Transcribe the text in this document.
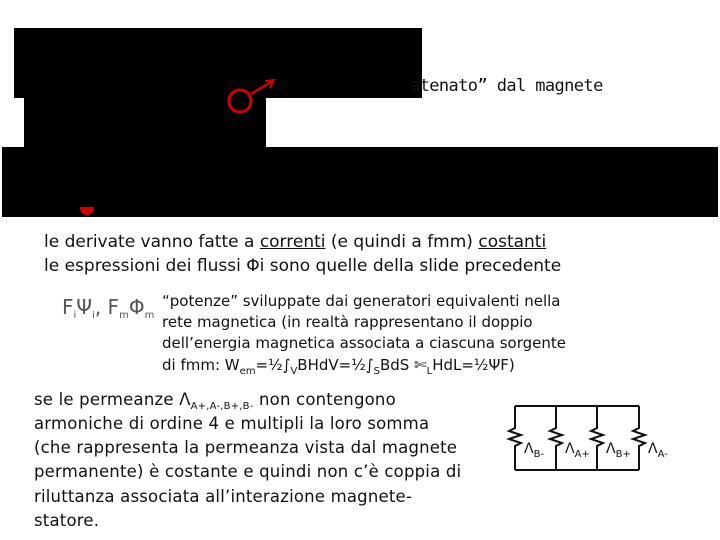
atenato” dal magnete
le derivate vanno fatte a correnti (e quindi a fmm) costanti
le espressioni dei flussi Φi sono quelle della slide precedente
$F_i\Psi_i$, $F_m\Phi_m$
“potenze” sviluppate dai generatori equivalenti nella
rete magnetica (in realtà rappresentano il doppio
dell’energia magnetica associata a ciascuna sorgente
di fmm: $W_{em}=\frac{1}{2}\int_VBHdV=\frac{1}{2}\int_SBdS$ $✄_LHdL=\frac{1}{2}\Psi F$)
se le permeanze $\Lambda_{A+,A-,B+,B-}$ non contengono
armoniche di ordine 4 e multipli la loro somma
(che rappresenta la permeanza vista dal magnete
permanente) è costante e quindi non c’è coppia di
riluttanza associata all’interazione magnete-
statore.
$\Lambda_{B-}$ $\Lambda_{A+}$ $\Lambda_{B+}$ $\Lambda_{A-}$
